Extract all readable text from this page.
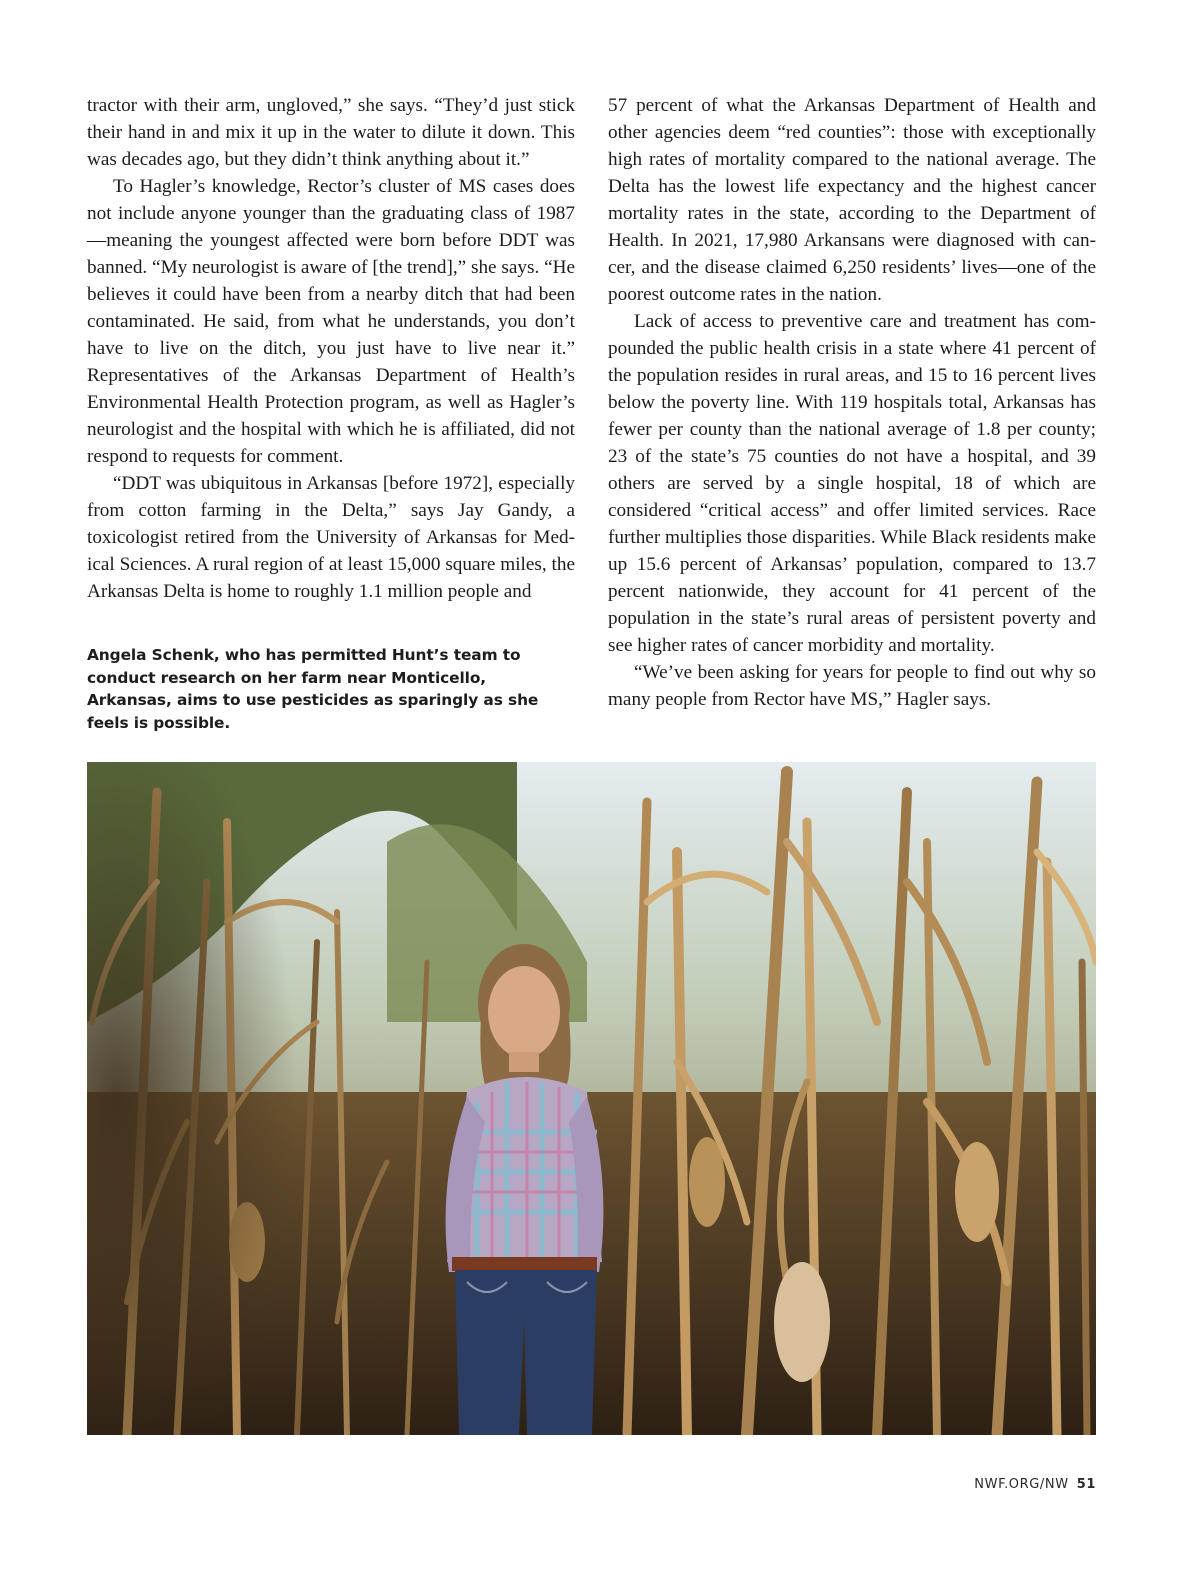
tractor with their arm, ungloved,” she says. “They’d just stick their hand in and mix it up in the water to dilute it down. This was decades ago, but they didn’t think anything about it.”

To Hagler’s knowledge, Rector’s cluster of MS cases does not include anyone younger than the graduating class of 1987—meaning the youngest affected were born before DDT was banned. “My neurologist is aware of [the trend],” she says. “He believes it could have been from a nearby ditch that had been contaminated. He said, from what he understands, you don’t have to live on the ditch, you just have to live near it.” Representatives of the Arkansas Department of Health’s Environmental Health Protection program, as well as Hagler’s neurologist and the hospital with which he is affiliated, did not respond to requests for comment.

“DDT was ubiquitous in Arkansas [before 1972], especially from cotton farming in the Delta,” says Jay Gandy, a toxicologist retired from the University of Arkansas for Medical Sciences. A rural region of at least 15,000 square miles, the Arkansas Delta is home to roughly 1.1 million people and

Angela Schenk, who has permitted Hunt’s team to conduct research on her farm near Monticello, Arkansas, aims to use pesticides as sparingly as she feels is possible.

57 percent of what the Arkansas Department of Health and other agencies deem “red counties”: those with exceptionally high rates of mortality compared to the national average. The Delta has the lowest life expectancy and the highest cancer mortality rates in the state, according to the Department of Health. In 2021, 17,980 Arkansans were diagnosed with cancer, and the disease claimed 6,250 residents’ lives—one of the poorest outcome rates in the nation.

Lack of access to preventive care and treatment has compounded the public health crisis in a state where 41 percent of the population resides in rural areas, and 15 to 16 percent lives below the poverty line. With 119 hospitals total, Arkansas has fewer per county than the national average of 1.8 per county; 23 of the state’s 75 counties do not have a hospital, and 39 others are served by a single hospital, 18 of which are considered “critical access” and offer limited services. Race further multiplies those disparities. While Black residents make up 15.6 percent of Arkansas’ population, compared to 13.7 percent nationwide, they account for 41 percent of the population in the state’s rural areas of persistent poverty and see higher rates of cancer morbidity and mortality.

“We’ve been asking for years for people to find out why so many people from Rector have MS,” Hagler says.

NWF.ORG/NW 51
